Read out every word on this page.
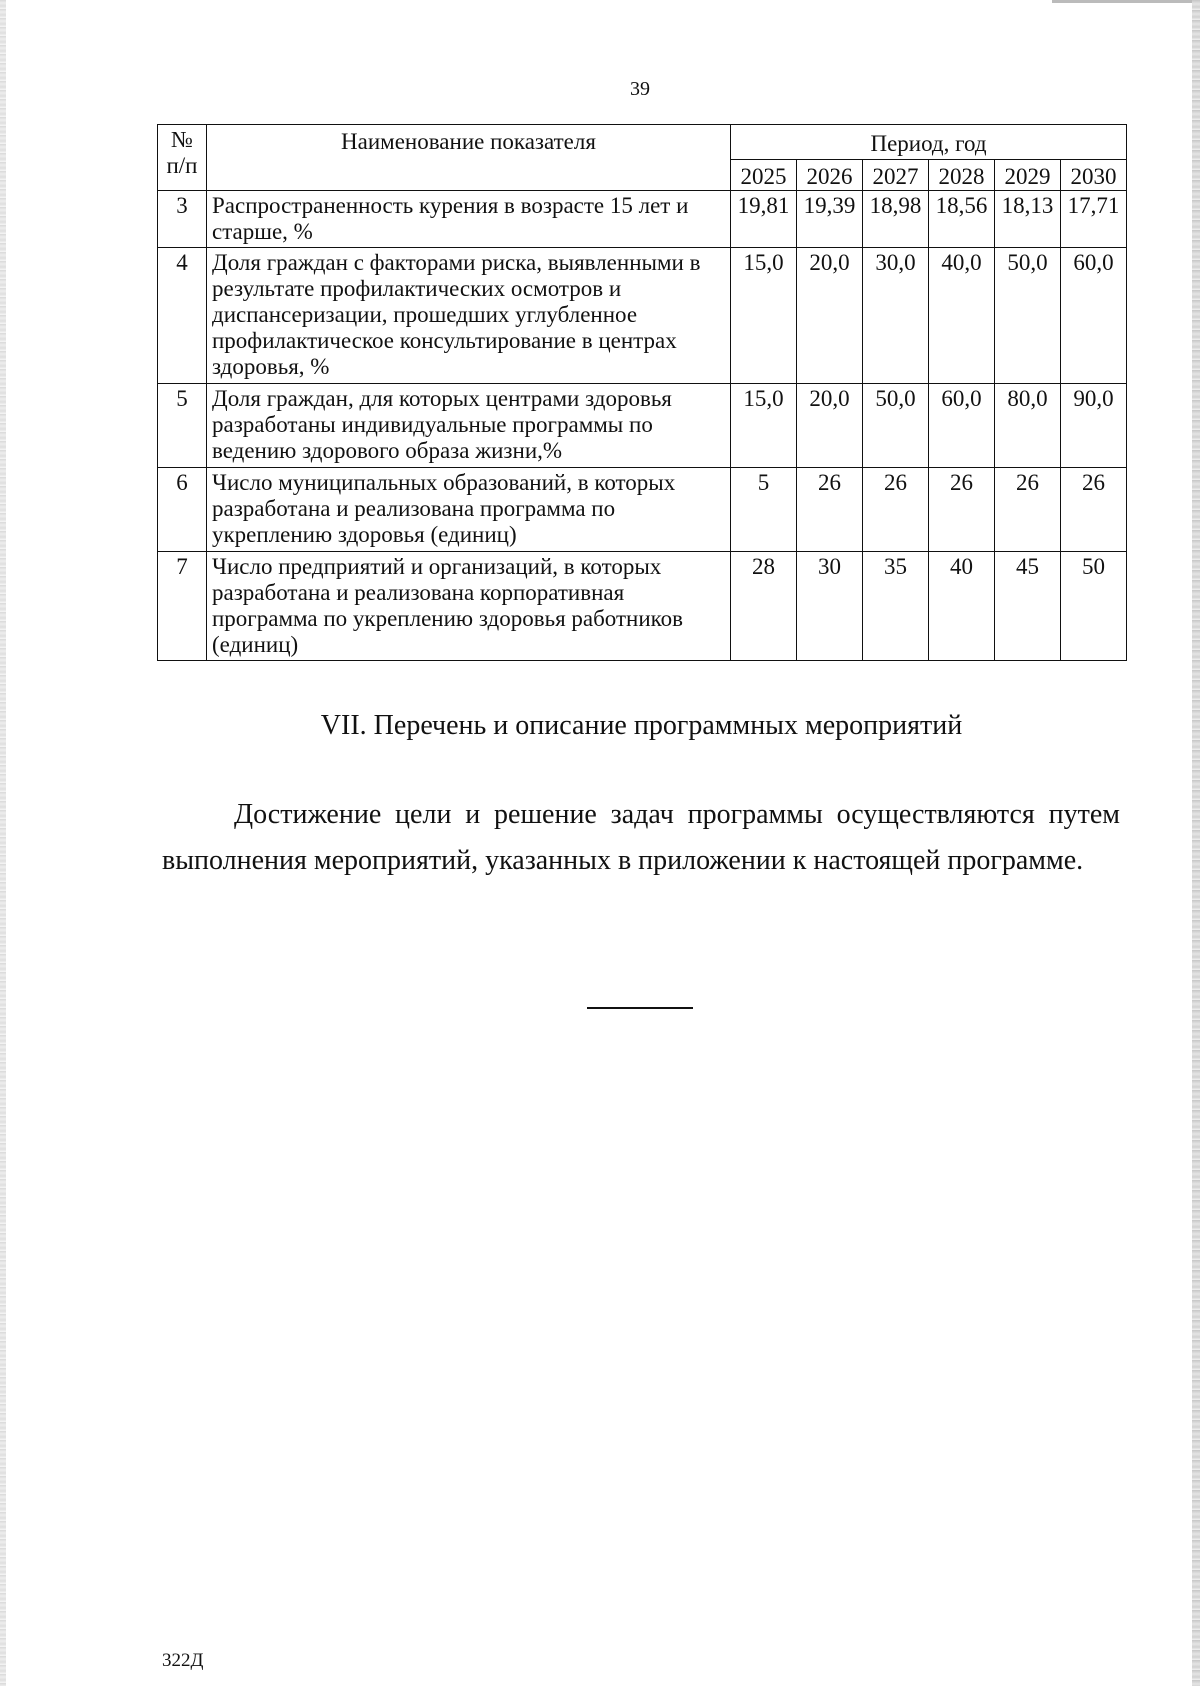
39
№ п/п	Наименование показателя	Период, год					
		2025	2026	2027	2028	2029	2030
3	Распространенность курения в возрасте 15 лет и старше, %	19,81	19,39	18,98	18,56	18,13	17,71
4	Доля граждан с факторами риска, выявленными в результате профилактических осмотров и диспансеризации, прошедших углубленное профилактическое консультирование в центрах здоровья, %	15,0	20,0	30,0	40,0	50,0	60,0
5	Доля граждан, для которых центрами здоровья разработаны индивидуальные программы по ведению здорового образа жизни,%	15,0	20,0	50,0	60,0	80,0	90,0
6	Число муниципальных образований, в которых разработана и реализована программа по укреплению здоровья (единиц)	5	26	26	26	26	26
7	Число предприятий и организаций, в которых разработана и реализована корпоративная программа по укреплению здоровья работников (единиц)	28	30	35	40	45	50
VII. Перечень и описание программных мероприятий
Достижение цели и решение задач программы осуществляются путем выполнения мероприятий, указанных в приложении к настоящей программе.
322Д
